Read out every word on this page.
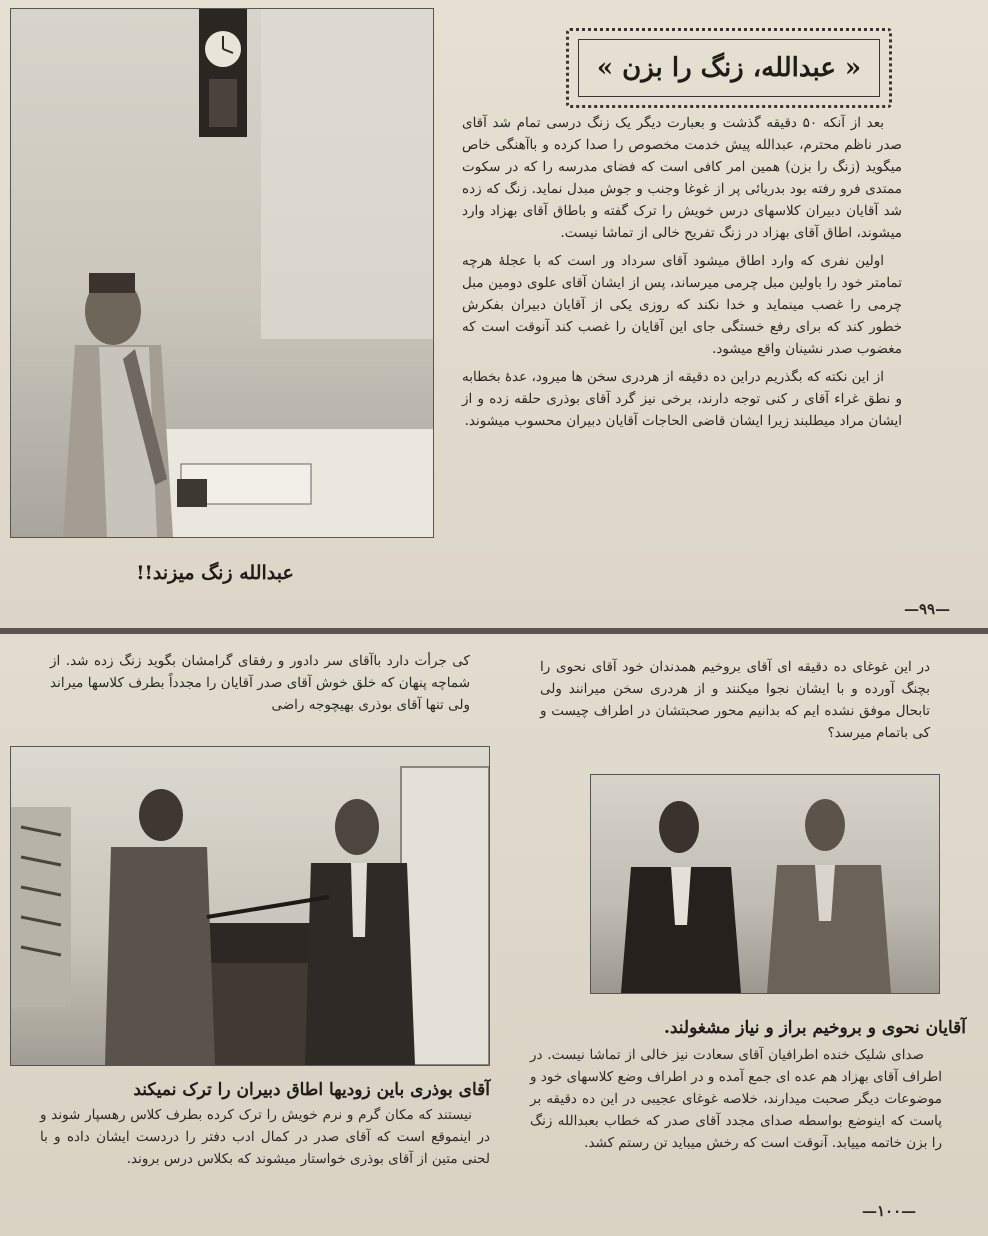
« عبدالله، زنگ را بزن »

بعد از آنکه ۵۰ دقیقه گذشت و بعبارت دیگر یک زنگ درسی تمام شد آقای صدر ناظم محترم، عبدالله پیش خدمت مخصوص را صدا کرده و باآهنگی خاص میگوید (زنگ را بزن) همین امر کافی است که فضای مدرسه را که در سکوت ممتدی فرو رفته بود بدریائی پر از غوغا وجنب و جوش مبدل نماید. زنگ که زده شد آقایان دبیران کلاسهای درس خویش را ترک گفته و باطاق آقای بهزاد وارد میشوند، اطاق آقای بهزاد در زنگ تفریح خالی از تماشا نیست.

اولین نفری که وارد اطاق میشود آقای سرداد ور است که با عجلهٔ هرچه تمامتر خود را باولین مبل چرمی میرساند، پس از ایشان آقای علوی دومین مبل چرمی را غصب مینماید و خدا نکند که روزی یکی از آقایان دبیران بفکرش خطور کند که برای رفع خستگی جای این آقایان را غصب کند آنوقت است که مغضوب صدر نشینان واقع میشود.

از این نکته که بگذریم دراین ده دقیقه از هردری سخن ها میرود، عدهٔ بخطابه و نطق غراء آقای ر کنی توجه دارند، برخی نیز گرد آقای بوذری حلقه زده و از ایشان مراد میطلبند زیرا ایشان قاضی الحاجات آقایان دبیران محسوب میشوند.

عبدالله زنگ میزند!!
—۹۹—
در این غوغای ده دقیقه ای آقای بروخیم همدندان خود آقای نحوی را بچنگ آورده و با ایشان نجوا میکنند و از هردری سخن میرانند ولی تابحال موفق نشده ایم که بدانیم محور صحبتشان در اطراف چیست و کی باتمام میرسد؟
آقایان نحوی و بروخیم براز و نیاز مشغولند.

صدای شلیک خنده اطرافیان آقای سعادت نیز خالی از تماشا نیست. در اطراف آقای بهزاد هم عده ای جمع آمده و در اطراف وضع کلاسهای خود و موضوعات دیگر صحبت میدارند، خلاصه غوغای عجیبی در این ده دقیقه بر پاست که اینوضع بواسطه صدای مجدد آقای صدر که خطاب بعبدالله زنگ را بزن خاتمه مییابد. آنوقت است که رخش میباید تن رستم کشد.

—۱۰۰—
کی جرأت دارد باآقای سر دادور و رفقای گرامشان بگوید زنگ زده شد. از شماچه پنهان که خلق خوش آقای صدر آقایان را مجدداً بطرف کلاسها میراند ولی تنها آقای بوذری بهیچوجه راضی
آقای بوذری باین زودیها اطاق دبیران را ترک نمیکند

نیستند که مکان گرم و نرم خویش را ترک کرده بطرف کلاس رهسپار شوند و در اینموقع است که آقای صدر در کمال ادب دفتر را دردست ایشان داده و با لحنی متین از آقای بوذری خواستار میشوند که بکلاس درس بروند.
